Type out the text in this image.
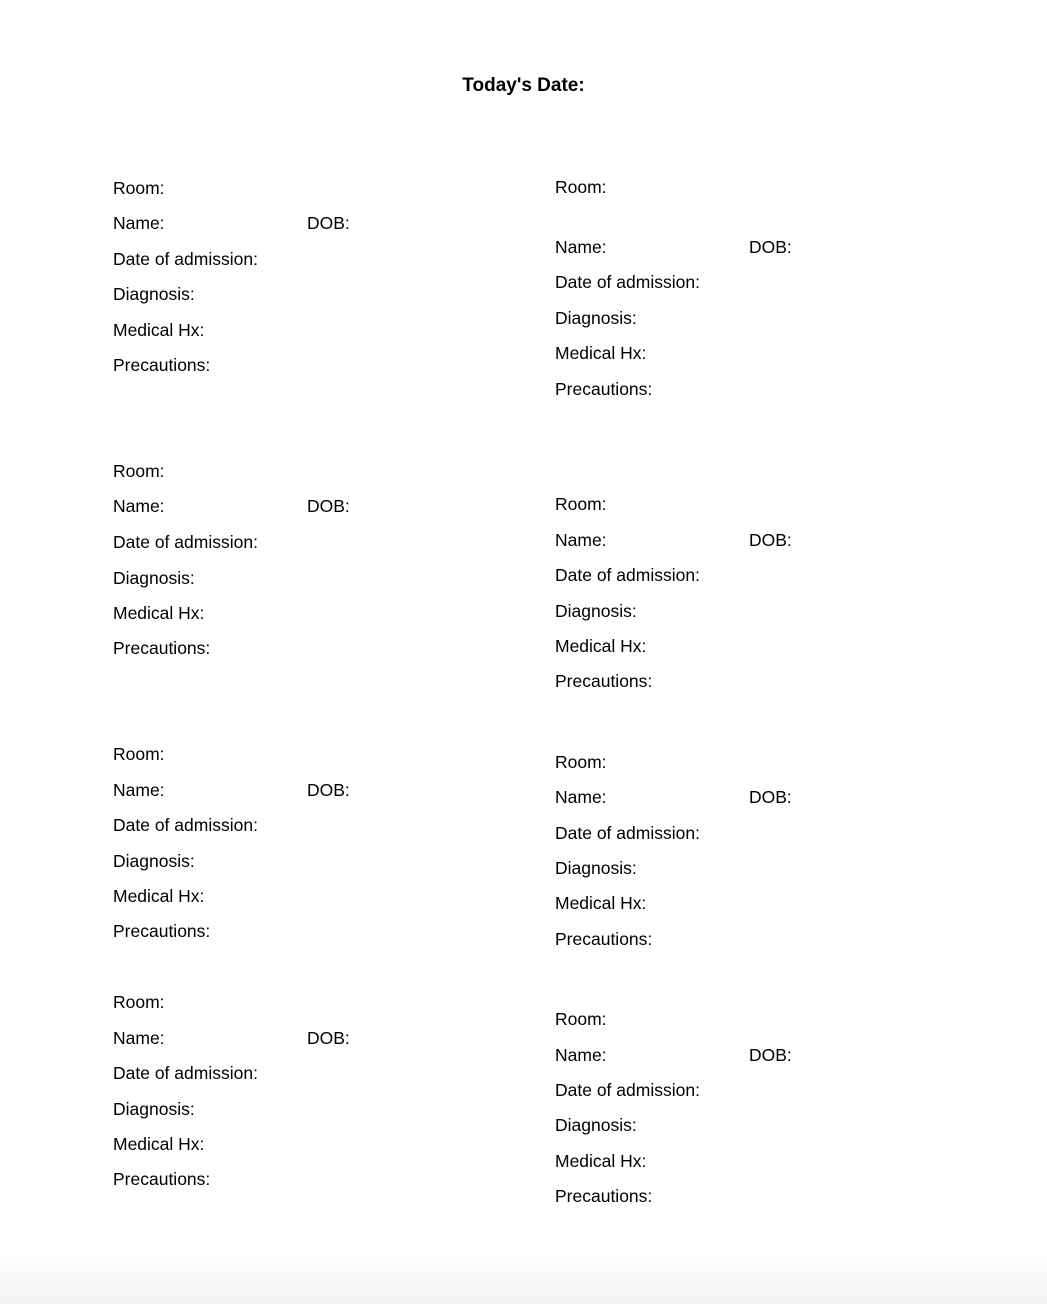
Today's Date:
Room:
Name:	DOB:
Date of admission:
Diagnosis:
Medical Hx:
Precautions:
Room:
Name:	DOB:
Date of admission:
Diagnosis:
Medical Hx:
Precautions:
Room:
Name:	DOB:
Date of admission:
Diagnosis:
Medical Hx:
Precautions:
Room:
Name:	DOB:
Date of admission:
Diagnosis:
Medical Hx:
Precautions:
Room:
Name:	DOB:
Date of admission:
Diagnosis:
Medical Hx:
Precautions:
Room:
Name:	DOB:
Date of admission:
Diagnosis:
Medical Hx:
Precautions:
Room:
Name:	DOB:
Date of admission:
Diagnosis:
Medical Hx:
Precautions:
Room:
Name:	DOB:
Date of admission:
Diagnosis:
Medical Hx:
Precautions:
